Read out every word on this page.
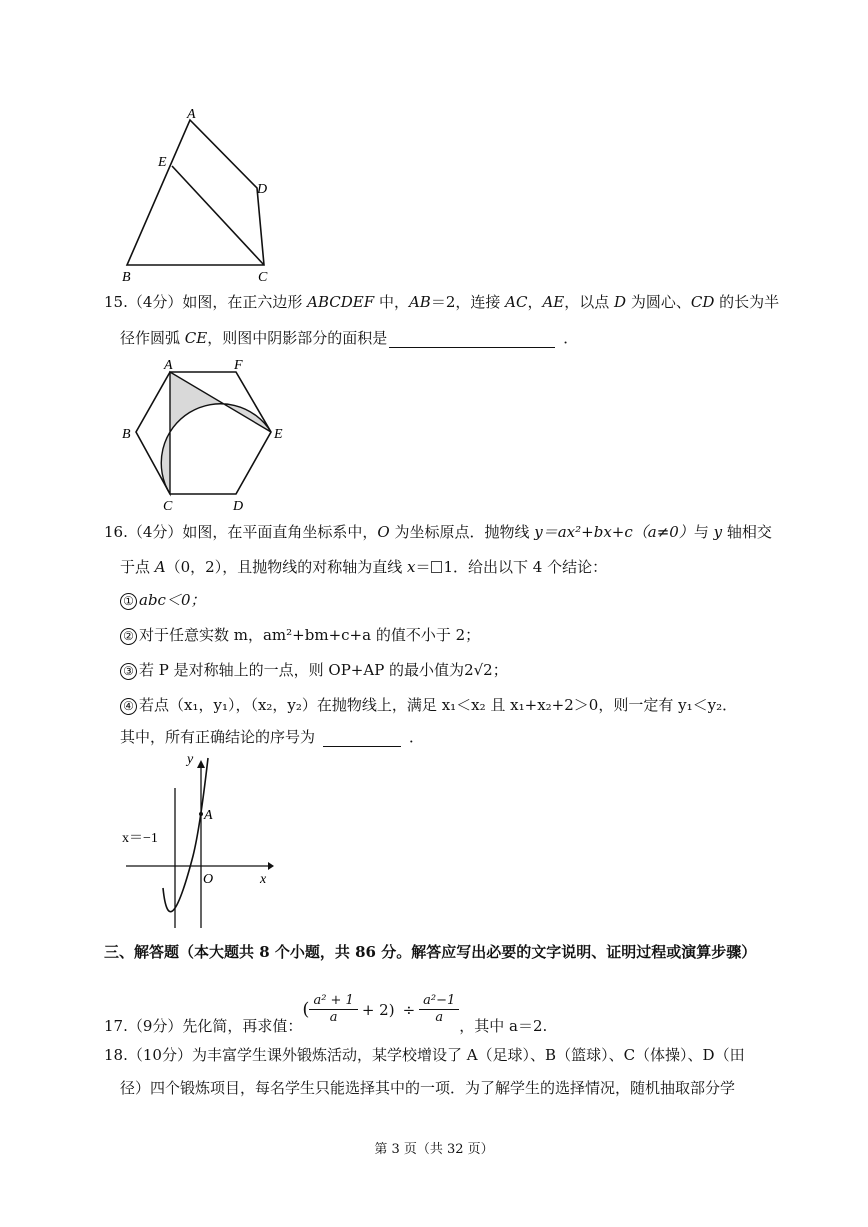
A
E
D
B	C
15.（4分）如图，在正六边形 ABCDEF 中，AB＝2，连接 AC，AE，以点 D 为圆心、CD 的长为半
径作圆弧 CE，则图中阴影部分的面积是	．
A	F
B	E
C	D
16.（4分）如图，在平面直角坐标系中，O 为坐标原点．抛物线 y＝ax²+bx+c（a≠0）与 y 轴相交
于点 A（0，2），且抛物线的对称轴为直线 x＝ 1．给出以下 4 个结论：
① abc＜0；
② 对于任意实数 m，am²+bm+c+a 的值不小于 2；
③ 若 P 是对称轴上的一点，则 OP+AP 的最小值为2√2；
④ 若点（x₁，y₁），（x₂，y₂）在抛物线上，满足 x₁＜x₂ 且 x₁+x₂+2＞0，则一定有 y₁＜y₂．
其中，所有正确结论的序号为	．
y
A
x＝−1
O	x
三、解答题（本大题共 8 个小题，共 86 分。解答应写出必要的文字说明、证明过程或演算步骤）
17.（9分）先化简，再求值：
( $\frac{\text{a² + 1}}{a} + 2) \div \frac{\text{a²−1}}{a}$ ，其中 a＝2.
18.（10分）为丰富学生课外锻炼活动，某学校增设了 A（足球）、B（篮球）、C（体操）、D（田
径）四个锻炼项目，每名学生只能选择其中的一项．为了解学生的选择情况，随机抽取部分学
第 3 页（共 32 页）
